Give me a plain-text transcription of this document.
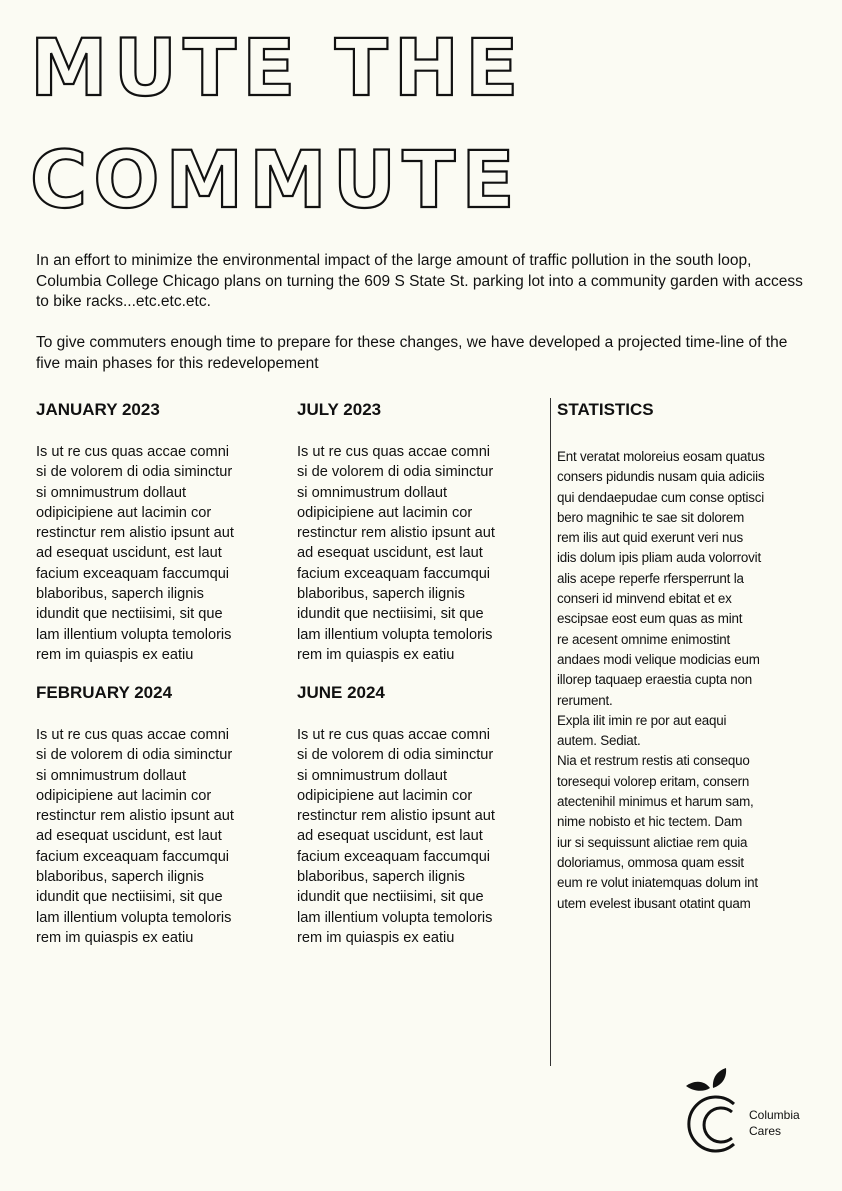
MUTE THE
COMMUTE

In an effort to minimize the environmental impact of the large amount of traffic pollution in the south loop, Columbia College Chicago plans on turning the 609 S State St. parking lot into a community garden with access to bike racks...etc.etc.etc.

To give commuters enough time to prepare for these changes, we have developed a projected time-line of the five main phases for this redevelopement

JANUARY 2023

Is ut re cus quas accae comni
si de volorem di odia siminctur
si omnimustrum dollaut
odipicipiene aut lacimin cor
restinctur rem alistio ipsunt aut
ad esequat uscidunt, est laut
facium exceaquam faccumqui
blaboribus, saperch ilignis
idundit que nectiisimi, sit que
lam illentium volupta temoloris
rem im quiaspis ex eatiu

JULY 2023

Is ut re cus quas accae comni
si de volorem di odia siminctur
si omnimustrum dollaut
odipicipiene aut lacimin cor
restinctur rem alistio ipsunt aut
ad esequat uscidunt, est laut
facium exceaquam faccumqui
blaboribus, saperch ilignis
idundit que nectiisimi, sit que
lam illentium volupta temoloris
rem im quiaspis ex eatiu

FEBRUARY 2024

Is ut re cus quas accae comni
si de volorem di odia siminctur
si omnimustrum dollaut
odipicipiene aut lacimin cor
restinctur rem alistio ipsunt aut
ad esequat uscidunt, est laut
facium exceaquam faccumqui
blaboribus, saperch ilignis
idundit que nectiisimi, sit que
lam illentium volupta temoloris
rem im quiaspis ex eatiu

JUNE 2024

Is ut re cus quas accae comni
si de volorem di odia siminctur
si omnimustrum dollaut
odipicipiene aut lacimin cor
restinctur rem alistio ipsunt aut
ad esequat uscidunt, est laut
facium exceaquam faccumqui
blaboribus, saperch ilignis
idundit que nectiisimi, sit que
lam illentium volupta temoloris
rem im quiaspis ex eatiu

STATISTICS

Ent veratat moloreius eosam quatus
consers pidundis nusam quia adiciis
qui dendaepudae cum conse optisci
bero magnihic te sae sit dolorem
rem ilis aut quid exerunt veri nus
idis dolum ipis pliam auda volorrovit
alis acepe reperfe rfersperrunt la
conseri id minvend ebitat et ex
escipsae eost eum quas as mint
re acesent omnime enimostint
andaes modi velique modicias eum
illorep taquaep eraestia cupta non
rerument.
Expla ilit imin re por aut eaqui
autem. Sediat.
Nia et restrum restis ati consequo
toresequi volorep eritam, consern
atectenihil minimus et harum sam,
nime nobisto et hic tectem. Dam
iur si sequissunt alictiae rem quia
doloriamus, ommosa quam essit
eum re volut iniatemquas dolum int
utem evelest ibusant otatint quam

Columbia
Cares
